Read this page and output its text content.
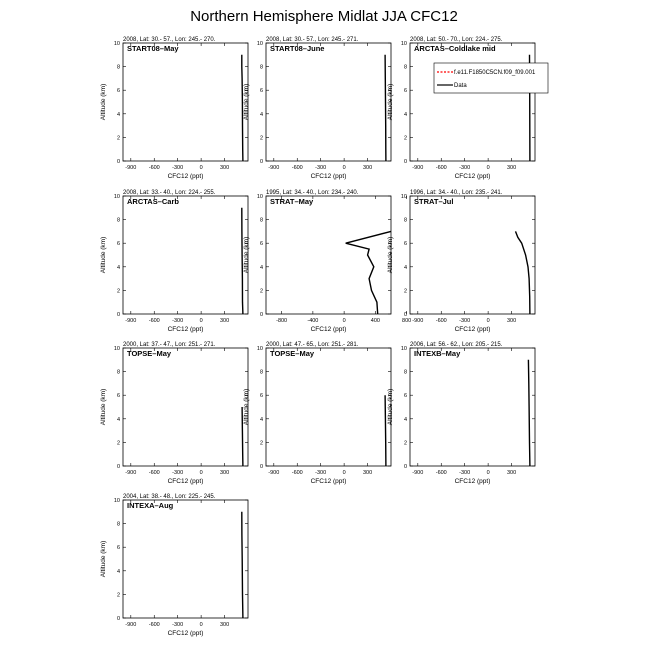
Northern Hemisphere Midlat JJA CFC12
2008, Lat: 30.- 57., Lon: 245.- 270.
START08–May
0
2
4
6
8
10
-900 -600 -300	0	300
CFC12 (ppt)
Altitude (km)
2008, Lat: 30.- 57., Lon: 245.- 271.
START08–June
0
2
4
6
8
10
-900 -600 -300	0	300
CFC12 (ppt)
Altitude (km)
2008, Lat: 50.- 70., Lon: 224.- 275.
ARCTAS–Coldlake mid
0
2
4
6
8
10
-900 -600 -300	0	300
CFC12 (ppt)
Altitude (km)
2008, Lat: 33.- 40., Lon: 224.- 255.
ARCTAS–Carb
0
2
4
6
8
10
-900 -600 -300	0	300
CFC12 (ppt)
Altitude (km)
1995, Lat: 34.- 40., Lon: 234.- 240.
STRAT–May
0
2
4
6
8
10
-800	-400	0	400	800
CFC12 (ppt)
Altitude (km)
1996, Lat: 34.- 40., Lon: 235.- 241.
STRAT–Jul
0
2
4
6
8
10
-900 -600 -300	0	300
CFC12 (ppt)
Altitude (km)
2000, Lat: 37.- 47., Lon: 251.- 271.
TOPSE–May
0
2
4
6
8
10
-900 -600 -300	0	300
CFC12 (ppt)
Altitude (km)
2000, Lat: 47.- 65., Lon: 251.- 281.
TOPSE–May
0
2
4
6
8
10
-900 -600 -300	0	300
CFC12 (ppt)
Altitude (km)
2006, Lat: 56.- 62., Lon: 205.- 215.
INTEXB–May
0
2
4
6
8
10
-900 -600 -300	0	300
CFC12 (ppt)
Altitude (km)
2004, Lat: 38.- 48., Lon: 225.- 245.
INTEXA–Aug
0
2
4
6
8
10
-900 -600 -300	0	300
CFC12 (ppt)
Altitude (km)
f.e11.F1850C5CN.f09_f09.001
Data
